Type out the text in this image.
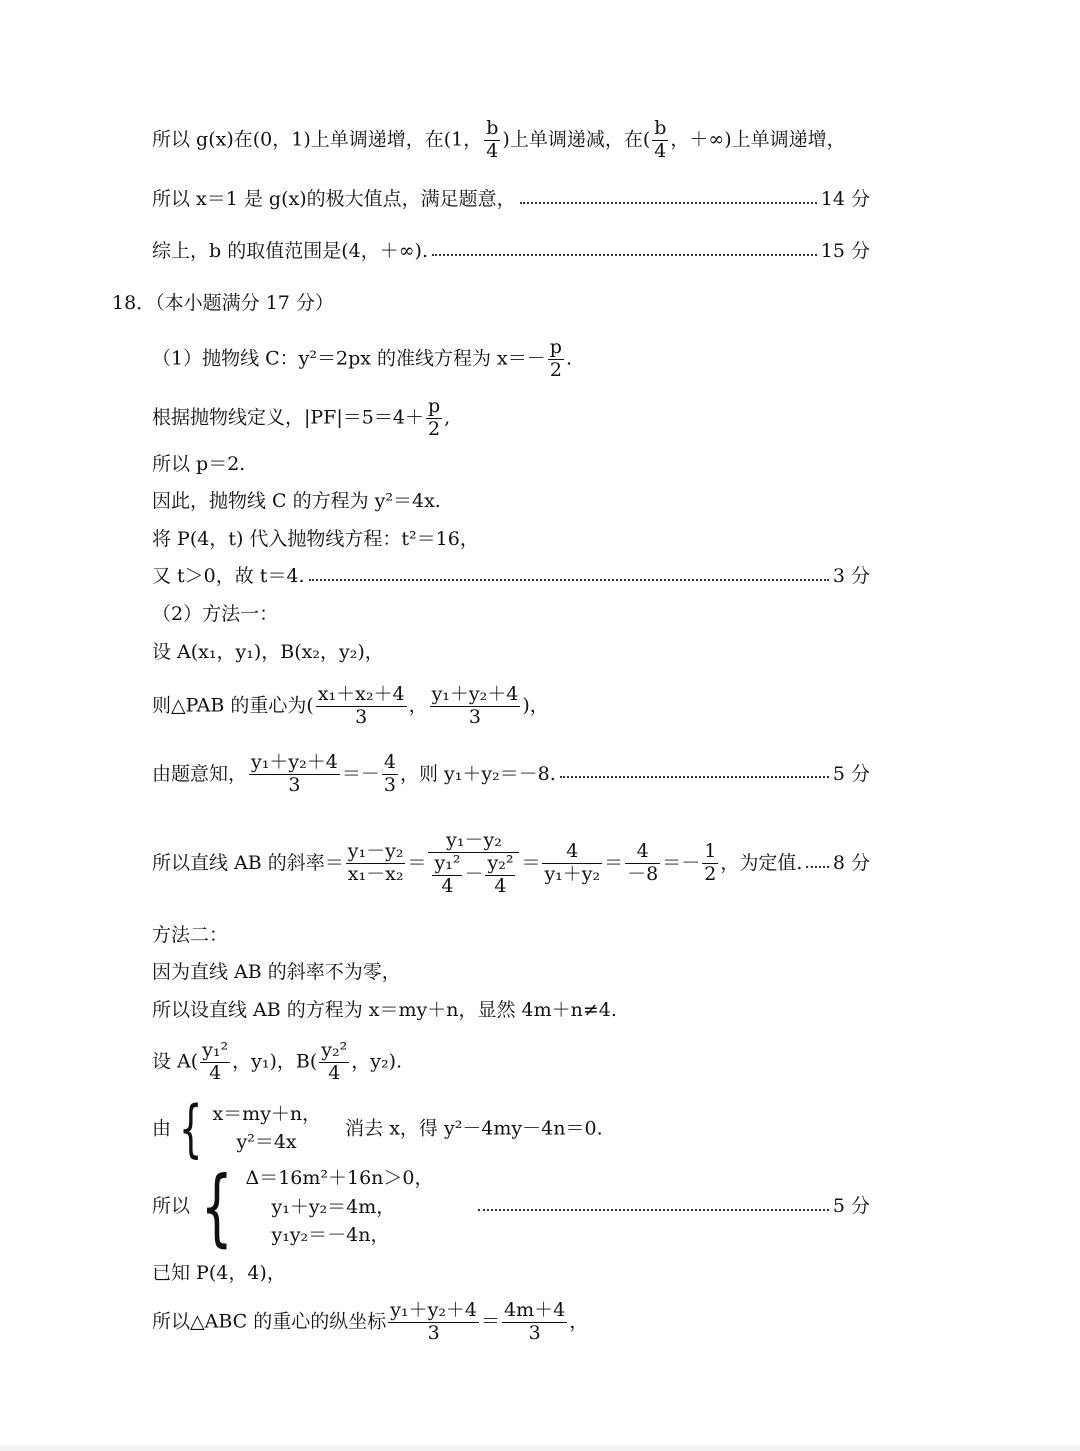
所以 g(x)在(0，1)上单调递增，在(1， $\frac{b}{4}$ )上单调递减，在( $\frac{b}{4}$ ，＋∞)上单调递增，
所以 x＝1 是 g(x)的极大值点，满足题意，	14 分
综上，b 的取值范围是(4，＋∞).	15 分
18．（本小题满分 17 分）
（1）抛物线 C：y²＝2px 的准线方程为 $x=- \frac{p}{2}$ .
根据抛物线定义，$|PF|=5=4+ \frac{p}{2}$ ,
所以 p＝2.
因此，抛物线 C 的方程为 y²＝4x.
将 P(4，t) 代入抛物线方程：t²＝16，
又 t＞0，故 t＝4.	3 分
（2）方法一：
设 A(x₁，y₁)，B(x₂，y₂)，
则△PAB 的重心为( $\frac{\text{x₁＋x₂＋4}}{3}$ ， $\frac{\text{y₁＋y₂＋4}}{3}$ )，
由题意知， $\frac{\text{y₁＋y₂＋4}}{3}$ ＝ － $\frac{4}{3}$ ，则 y₁＋y₂＝－8.	5 分
所以直线 AB 的斜率＝ $\frac{\text{y₁－y₂}}{\text{x₁－x₂}} = \frac{\text{y₁－y₂}}{\frac{\text{y₁²}}{4} - \frac{\text{y₂²}}{4}} = \frac{4}{\text{y₁＋y₂}} = \frac{4}{-8}$ ＝ － $\frac{1}{2}$ ，为定值. 8 分
方法二：
因为直线 AB 的斜率不为零，
所以设直线 AB 的方程为 x＝my＋n，显然 4m＋n≠4.
设 $A( \frac{\text{y₁²}}{4}$ ，y₁)，$B( \frac{\text{y₂²}}{4}$ ，y₂).
由 { x＝my＋n，
y²＝4x
消去 x，得 y²－4my－4n＝0.
所以 { Δ＝16m²＋16n＞0，
y₁＋y₂＝4m，
y₁y₂＝－4n，
5 分
已知 P(4，4)，
所以△ABC 的重心的纵坐标 $\frac{\text{y₁＋y₂＋4}}{3} = \frac{4m+4}{3}$ ，
